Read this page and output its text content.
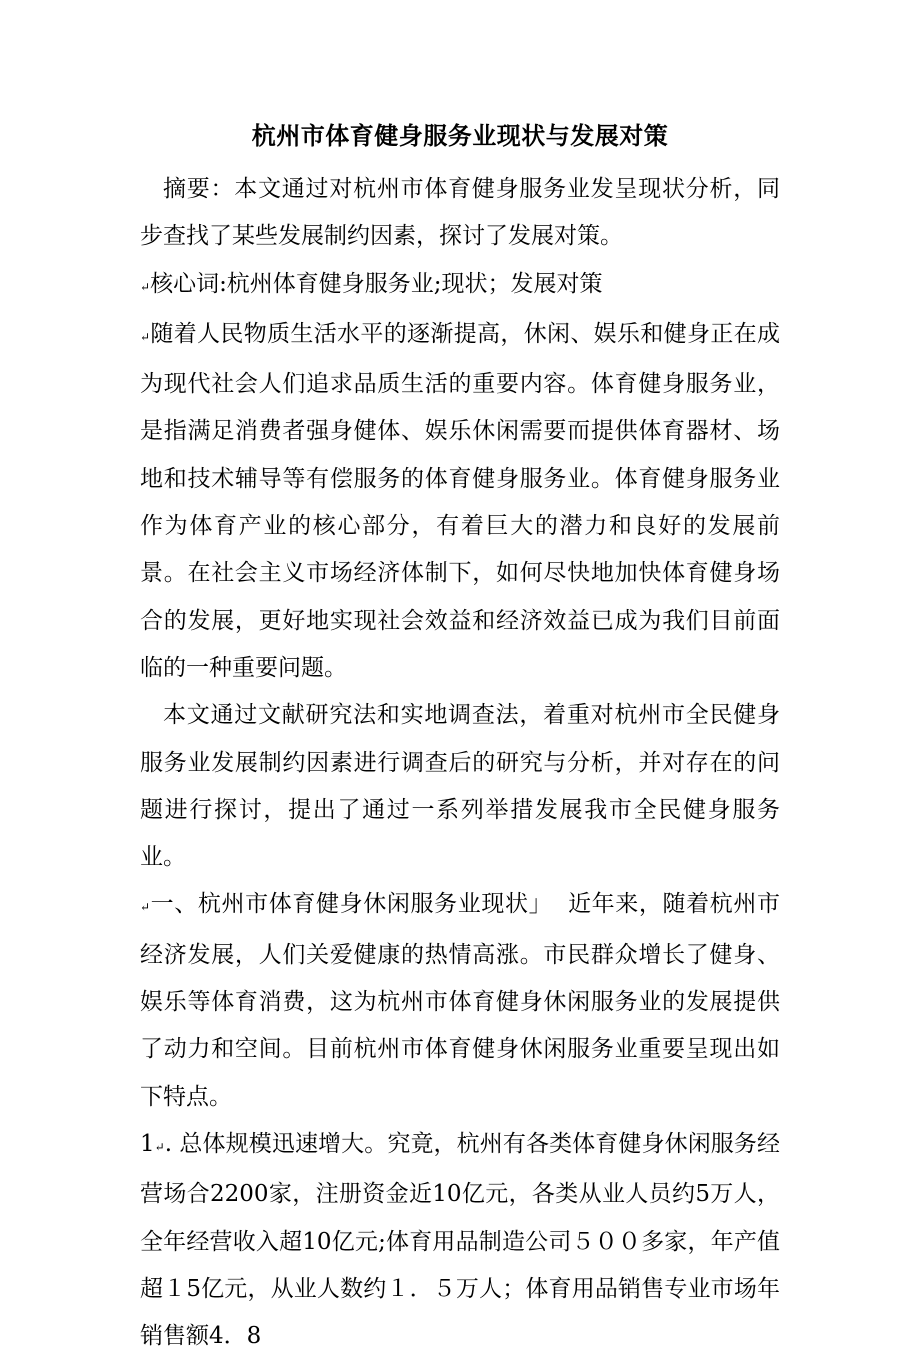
杭州市体育健身服务业现状与发展对策

摘要：本文通过对杭州市体育健身服务业发呈现状分析，同步查找了某些发展制约因素，探讨了发展对策。

↵核心词:杭州体育健身服务业;现状；发展对策

↵随着人民物质生活水平的逐渐提高，休闲、娱乐和健身正在成为现代社会人们追求品质生活的重要内容。体育健身服务业，是指满足消费者强身健体、娱乐休闲需要而提供体育器材、场地和技术辅导等有偿服务的体育健身服务业。体育健身服务业作为体育产业的核心部分，有着巨大的潜力和良好的发展前景。在社会主义市场经济体制下，如何尽快地加快体育健身场合的发展，更好地实现社会效益和经济效益已成为我们目前面临的一种重要问题。

本文通过文献研究法和实地调查法，着重对杭州市全民健身服务业发展制约因素进行调查后的研究与分析，并对存在的问题进行探讨，提出了通过一系列举措发展我市全民健身服务业。

↵一、杭州市体育健身休闲服务业现状」 近年来，随着杭州市经济发展，人们关爱健康的热情高涨。市民群众增长了健身、娱乐等体育消费，这为杭州市体育健身休闲服务业的发展提供了动力和空间。目前杭州市体育健身休闲服务业重要呈现出如下特点。

1↵. 总体规模迅速增大。究竟，杭州有各类体育健身休闲服务经营场合2200家，注册资金近10亿元，各类从业人员约5万人，全年经营收入超10亿元;体育用品制造公司５００多家，年产值超１5亿元，从业人数约１．５万人；体育用品销售专业市场年销售额4．8
